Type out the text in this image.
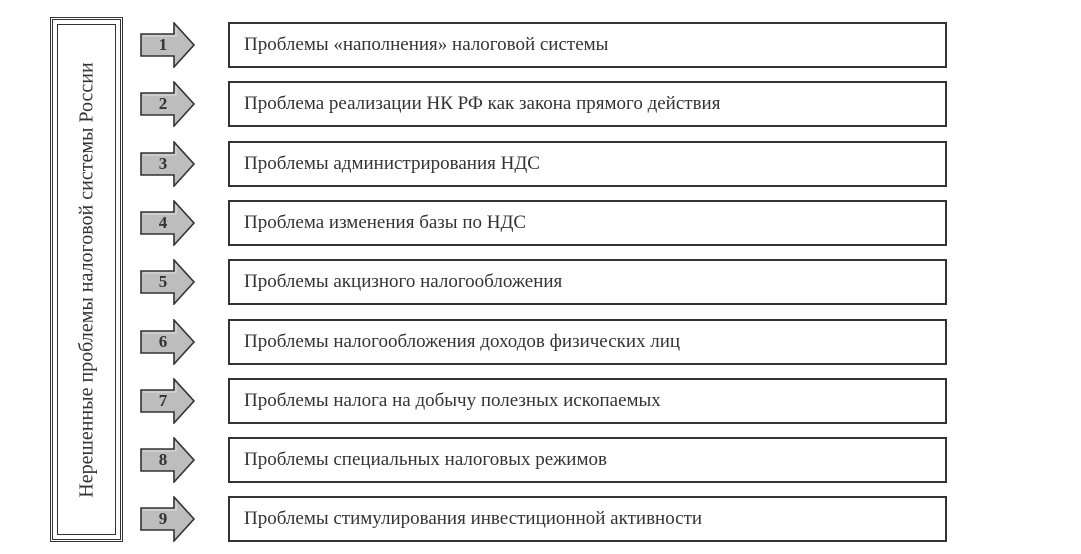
Нерешенные проблемы налоговой системы России
1	Проблемы «наполнения» налоговой системы
2	Проблема реализации НК РФ как закона прямого действия
3	Проблемы администрирования НДС
4	Проблема изменения базы по НДС
5	Проблемы акцизного налогообложения
6	Проблемы налогообложения доходов физических лиц
7	Проблемы налога на добычу полезных ископаемых
8	Проблемы специальных налоговых режимов
9	Проблемы стимулирования инвестиционной активности
